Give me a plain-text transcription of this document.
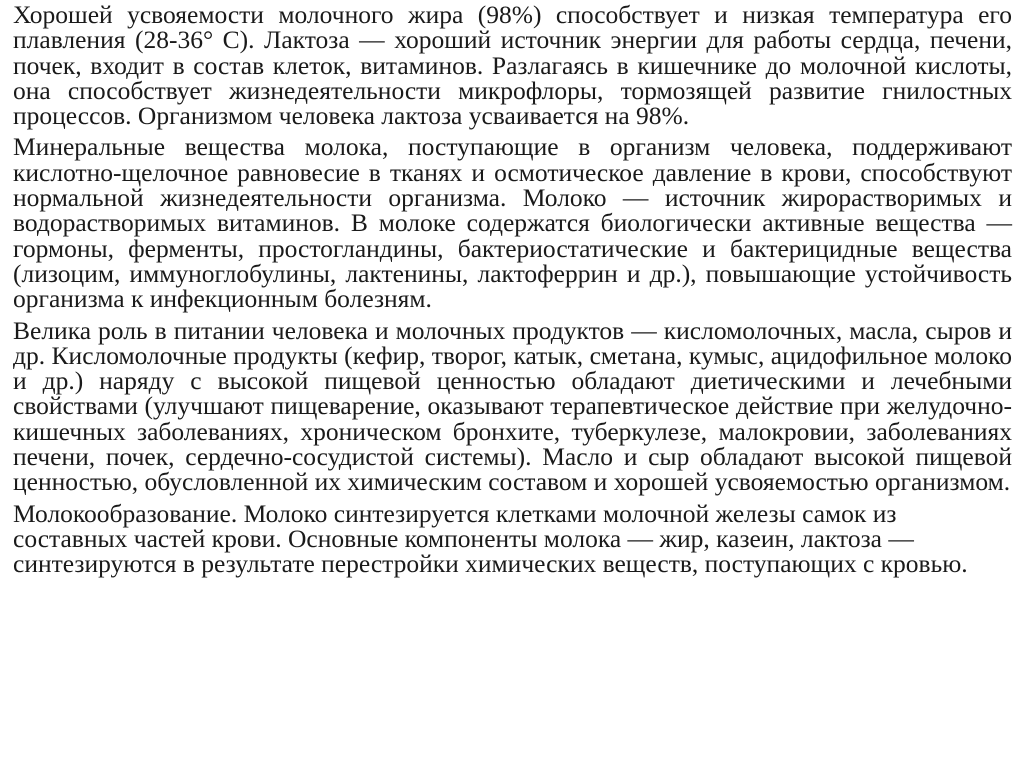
Хорошей усвояемости молочного жира (98%) способствует и низкая температура его плавления (28-36° С). Лактоза — хороший источник энергии для работы сердца, печени, почек, входит в состав клеток, витаминов. Разлагаясь в кишечнике до молочной кислоты, она способствует жизнедеятельности микрофлоры, тормозящей развитие гнилостных процессов. Организмом человека лактоза усваивается на 98%.

Минеральные вещества молока, поступающие в организм человека, поддерживают кислотно-щелочное равновесие в тканях и осмотическое давление в крови, способствуют нормальной жизнедеятельности организма. Молоко — источник жирорастворимых и водорастворимых витаминов. В молоке содержатся биологически активные вещества — гормоны, ферменты, простогландины, бактериостатические и бактерицидные вещества (лизоцим, иммуноглобулины, лактенины, лактоферрин и др.), повышающие устойчивость организма к инфекционным болезням.

Велика роль в питании человека и молочных продуктов — кисломолочных, масла, сыров и др. Кисломолочные продукты (кефир, творог, катык, сметана, кумыс, ацидофильное молоко и др.) наряду с высокой пищевой ценностью обладают диетическими и лечебными свойствами (улучшают пищеварение, оказывают терапевтическое действие при желудочно-кишечных заболеваниях, хроническом бронхите, туберкулезе, малокровии, заболеваниях печени, почек, сердечно-сосудистой системы). Масло и сыр обладают высокой пищевой ценностью, обусловленной их химическим составом и хорошей усвояемостью организмом.

Молокообразование. Молоко синтезируется клетками молочной железы самок из составных частей крови. Основные компоненты молока — жир, казеин, лактоза — синтезируются в результате перестройки химических веществ, поступающих с кровью.
